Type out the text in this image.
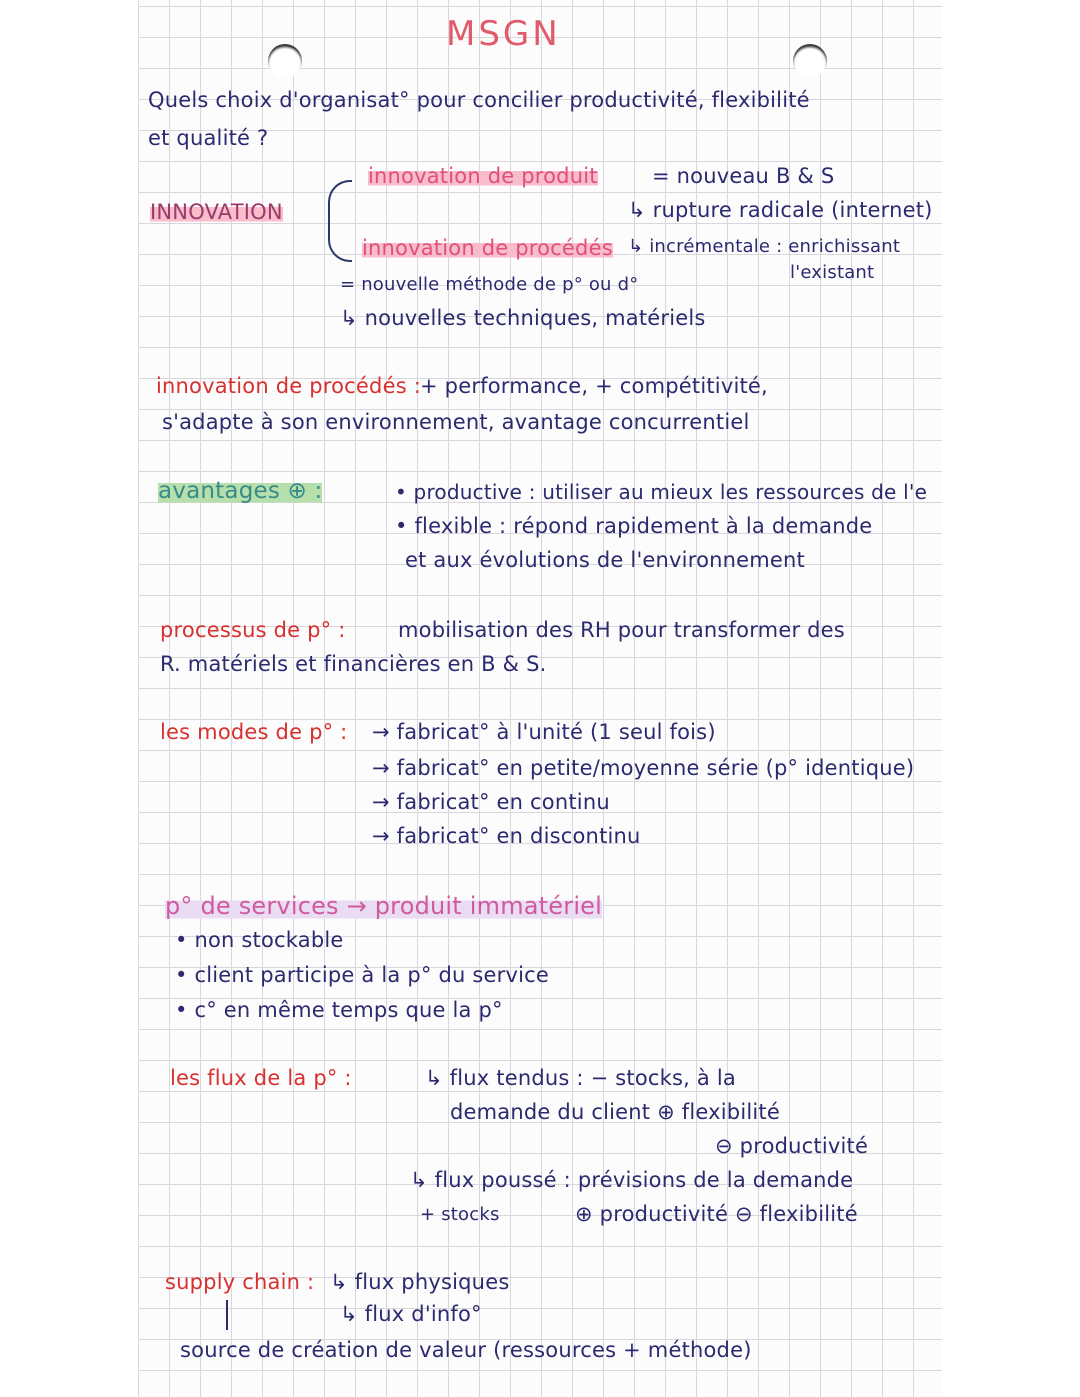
MSGN
Quels choix d'organisat° pour concilier productivité, flexibilité
et qualité ?
INNOVATION
innovation de produit	= nouveau B & S
↳ rupture radicale (internet)
innovation de procédés ↳ incrémentale : enrichissant
l'existant
= nouvelle méthode de p° ou d°
↳ nouvelles techniques, matériels
innovation de procédés : + performance, + compétitivité,
s'adapte à son environnement, avantage concurrentiel
avantages ⊕ :	• productive : utiliser au mieux les ressources de l'e
• flexible : répond rapidement à la demande
et aux évolutions de l'environnement
processus de p° : mobilisation des RH pour transformer des
R. matériels et financières en B & S.
les modes de p° : → fabricat° à l'unité (1 seul fois)
→ fabricat° en petite/moyenne série (p° identique)
→ fabricat° en continu
→ fabricat° en discontinu
p° de services → produit immatériel
• non stockable
• client participe à la p° du service
• c° en même temps que la p°
les flux de la p° :	↳ flux tendus : − stocks, à la
demande du client ⊕ flexibilité
⊖ productivité
↳ flux poussé : prévisions de la demande
+ stocks	⊕ productivité ⊖ flexibilité
supply chain : ↳ flux physiques
↳ flux d'info°
source de création de valeur (ressources + méthode)
